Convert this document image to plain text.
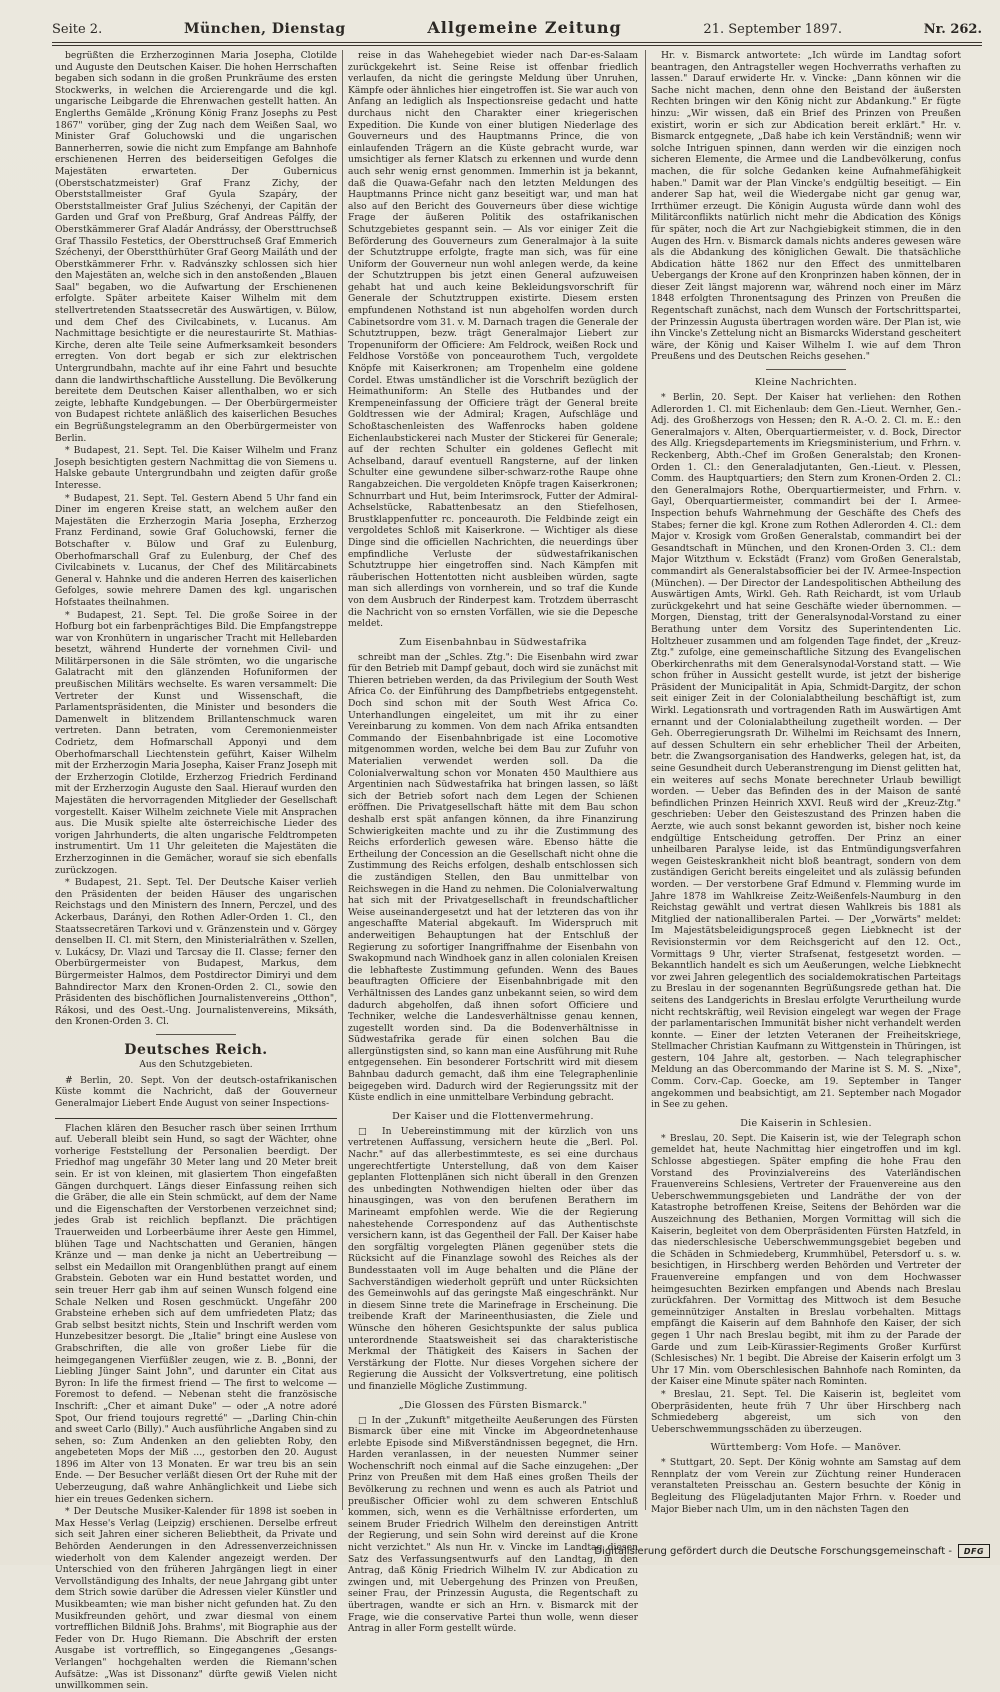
Seite 2.	München, Dienstag	Allgemeine Zeitung	21. September 1897.	Nr. 262.

begrüßten die Erzherzoginnen Maria Josepha, Clotilde und Auguste den Deutschen Kaiser. Die hohen Herrschaften begaben sich sodann in die großen Prunkräume des ersten Stockwerks, in welchen die Arcierengarde und die kgl. ungarische Leibgarde die Ehrenwachen gestellt hatten. An Englerths Gemälde „Krönung König Franz Josephs zu Pest 1867" vorüber, ging der Zug nach dem Weißen Saal, wo Minister Graf Goluchowski und die ungarischen Bannerherren, sowie die nicht zum Empfange am Bahnhofe erschienenen Herren des beiderseitigen Gefolges die Majestäten erwarteten. Der Gubernicus (Oberstschatzmeister) Graf Franz Zichy, der Oberststallmeister Graf Gyula Szapáry, der Oberststallmeister Graf Julius Széchenyi, der Capitän der Garden und Graf von Preßburg, Graf Andreas Pálffy, der Oberstkämmerer Graf Aladár Andrássy, der Obersttruchseß Graf Thassilo Festetics, der Obersttruchseß Graf Emmerich Széchenyi, der Oberstthürhüter Graf Georg Mailáth und der Oberstkämmerer Frhr. v. Radvánszky schlossen sich hier den Majestäten an, welche sich in den anstoßenden „Blauen Saal" begaben, wo die Aufwartung der Erschienenen erfolgte. Später arbeitete Kaiser Wilhelm mit dem stellvertretenden Staatssecretär des Auswärtigen, v. Bülow, und dem Chef des Civilcabinets, v. Lucanus. Am Nachmittage besichtigte er die neurestaurirte St. Mathias-Kirche, deren alte Teile seine Aufmerksamkeit besonders erregten. Von dort begab er sich zur elektrischen Untergrundbahn, machte auf ihr eine Fahrt und besuchte dann die landwirthschaftliche Ausstellung. Die Bevölkerung bereitete dem Deutschen Kaiser allenthalben, wo er sich zeigte, lebhafte Kundgebungen. — Der Oberbürgermeister von Budapest richtete anläßlich des kaiserlichen Besuches ein Begrüßungstelegramm an den Oberbürgermeister von Berlin.

* Budapest, 21. Sept. Tel. Die Kaiser Wilhelm und Franz Joseph besichtigten gestern Nachmittag die von Siemens u. Halske gebaute Untergrundbahn und zeigten dafür große Interesse.

* Budapest, 21. Sept. Tel. Gestern Abend 5 Uhr fand ein Diner im engeren Kreise statt, an welchem außer den Majestäten die Erzherzogin Maria Josepha, Erzherzog Franz Ferdinand, sowie Graf Goluchowski, ferner die Botschafter v. Bülow und Graf zu Eulenburg, Oberhofmarschall Graf zu Eulenburg, der Chef des Civilcabinets v. Lucanus, der Chef des Militärcabinets General v. Hahnke und die anderen Herren des kaiserlichen Gefolges, sowie mehrere Damen des kgl. ungarischen Hofstaates theilnahmen.

* Budapest, 21. Sept. Tel. Die große Soiree in der Hofburg bot ein farbenprächtiges Bild. Die Empfangstreppe war von Kronhütern in ungarischer Tracht mit Hellebarden besetzt, während Hunderte der vornehmen Civil- und Militärpersonen in die Säle strömten, wo die ungarische Galatracht mit den glänzenden Hofuniformen der preußischen Militärs wechselte. Es waren versammelt: Die Vertreter der Kunst und Wissenschaft, die Parlamentspräsidenten, die Minister und besonders die Damenwelt in blitzendem Brillantenschmuck waren vertreten. Dann betraten, vom Ceremonienmeister Codrietz, dem Hofmarschall Apponyi und dem Oberhofmarschall Liechtenstein geführt, Kaiser Wilhelm mit der Erzherzogin Maria Josepha, Kaiser Franz Joseph mit der Erzherzogin Clotilde, Erzherzog Friedrich Ferdinand mit der Erzherzogin Auguste den Saal. Hierauf wurden den Majestäten die hervorragenden Mitglieder der Gesellschaft vorgestellt. Kaiser Wilhelm zeichnete Viele mit Ansprachen aus. Die Musik spielte alte österreichische Lieder des vorigen Jahrhunderts, die alten ungarische Feldtrompeten instrumentirt. Um 11 Uhr geleiteten die Majestäten die Erzherzoginnen in die Gemächer, worauf sie sich ebenfalls zurückzogen.

* Budapest, 21. Sept. Tel. Der Deutsche Kaiser verlieh den Präsidenten der beiden Häuser des ungarischen Reichstags und den Ministern des Innern, Perczel, und des Ackerbaus, Darányi, den Rothen Adler-Orden 1. Cl., den Staatssecretären Tarkovi und v. Gränzenstein und v. Görgey denselben II. Cl. mit Stern, den Ministerialräthen v. Szellen, v. Lukácsy, Dr. Vlazi und Tarcsay die II. Classe; ferner den Oberbürgermeister von Budapest, Markus, dem Bürgermeister Halmos, dem Postdirector Dimiryi und dem Bahndirector Marx den Kronen-Orden 2. Cl., sowie den Präsidenten des bischöflichen Journalistenvereins „Otthon", Rákosi, und des Oest.-Ung. Journalistenvereins, Miksáth, den Kronen-Orden 3. Cl.

Deutsches Reich.
Aus den Schutzgebieten.

# Berlin, 20. Sept. Von der deutsch-ostafrikanischen Küste kommt die Nachricht, daß der Gouverneur Generalmajor Liebert Ende August von seiner Inspections-

Flachen klären den Besucher rasch über seinen Irrthum auf. Ueberall bleibt sein Hund, so sagt der Wächter, ohne vorherige Feststellung der Personalien beerdigt. Der Friedhof mag ungefähr 30 Meter lang und 20 Meter breit sein. Er ist von kleinen, mit glasiertem Thon eingefaßten Gängen durchquert. Längs dieser Einfassung reihen sich die Gräber, die alle ein Stein schmückt, auf dem der Name und die Eigenschaften der Verstorbenen verzeichnet sind; jedes Grab ist reichlich bepflanzt. Die prächtigen Trauerweiden und Lorbeerbäume ihrer Aeste gen Himmel, blühen Tage und Nachtschatten und Geranien, hängen Kränze und — man denke ja nicht an Uebertreibung — selbst ein Medaillon mit Orangenblüthen prangt auf einem Grabstein. Geboten war ein Hund bestattet worden, und sein treuer Herr gab ihm auf seinen Wunsch folgend eine Schale Nelken und Rosen geschmückt. Ungefähr 200 Grabsteine erheben sich auf dem umfriedeten Platz; das Grab selbst besitzt nichts, Stein und Inschrift werden vom Hunzebesitzer besorgt. Die „Italie" bringt eine Auslese von Grabschriften, die alle von großer Liebe für die heimgegangenen Vierfüßler zeugen, wie z. B. „Bonni, der Liebling Jünger Saint John", und darunter ein Citat aus Byron: In life the firmest friend — The first to welcome — Foremost to defend. — Nebenan steht die französische Inschrift: „Cher et aimant Duke" — oder „A notre adoré Spot, Our friend toujours regretté" — „Darling Chin-chin and sweet Carlo (Billy)." Auch ausführliche Angaben sind zu sehen, so: Zum Andenken an den geliebten Roby, den angebeteten Mops der Miß ..., gestorben den 20. August 1896 im Alter von 13 Monaten. Er war treu bis an sein Ende. — Der Besucher verläßt diesen Ort der Ruhe mit der Ueberzeugung, daß wahre Anhänglichkeit und Liebe sich hier ein treues Gedenken sichern.

* Der Deutsche Musiker-Kalender für 1898 ist soeben in Max Hesse's Verlag (Leipzig) erschienen. Derselbe erfreut sich seit Jahren einer sicheren Beliebtheit, da Private und Behörden Aenderungen in den Adressenverzeichnissen wiederholt von dem Kalender angezeigt werden. Der Unterschied von den früheren Jahrgängen liegt in einer Vervollständigung des Inhalts, der neue Jahrgang gibt unter dem Strich sowie darüber die Adressen vieler Künstler und Musikbeamten; wie man bisher nicht gefunden hat. Zu den Musikfreunden gehört, und zwar diesmal von einem vortrefflichen Bildniß Johs. Brahms', mit Biographie aus der Feder von Dr. Hugo Riemann. Die Abschrift der ersten Ausgabe ist vortrefflich, so Eingegangenes „Gesangs-Verlangen" hochgehalten werden die Riemann'schen Aufsätze: „Was ist Dissonanz" dürfte gewiß Vielen nicht unwillkommen sein.

reise in das Wahehegebiet wieder nach Dar-es-Salaam zurückgekehrt ist. Seine Reise ist offenbar friedlich verlaufen, da nicht die geringste Meldung über Unruhen, Kämpfe oder ähnliches hier eingetroffen ist. Sie war auch von Anfang an lediglich als Inspectionsreise gedacht und hatte durchaus nicht den Charakter einer kriegerischen Expedition. Die Kunde von einer blutigen Niederlage des Gouverneurs und des Hauptmanns Prince, die von einlaufenden Trägern an die Küste gebracht wurde, war umsichtiger als ferner Klatsch zu erkennen und wurde denn auch sehr wenig ernst genommen. Immerhin ist ja bekannt, daß die Quawa-Gefahr nach den letzten Meldungen des Hauptmanns Prince nicht ganz beseitigt war, und man hat also auf den Bericht des Gouverneurs über diese wichtige Frage der äußeren Politik des ostafrikanischen Schutzgebietes gespannt sein. — Als vor einiger Zeit die Beförderung des Gouverneurs zum Generalmajor à la suite der Schutztruppe erfolgte, fragte man sich, was für eine Uniform der Gouverneur nun wohl anlegen werde, da keine der Schutztruppen bis jetzt einen General aufzuweisen gehabt hat und auch keine Bekleidungsvorschrift für Generale der Schutztruppen existirte. Diesem ersten empfundenen Nothstand ist nun abgeholfen worden durch Cabinetsordre vom 31. v. M. Darnach tragen die Generale der Schutztruppen, bezw. trägt Generalmajor Liebert zur Tropenuniform der Officiere: Am Feldrock, weißen Rock und Feldhose Vorstöße von ponceaurothem Tuch, vergoldete Knöpfe mit Kaiserkronen; am Tropenhelm eine goldene Cordel. Etwas umständlicher ist die Vorschrift bezüglich der Heimathuniform: An Stelle des Hutbandes und der Krempeneinfassung der Officiere trägt der General breite Goldtressen wie der Admiral; Kragen, Aufschläge und Schoßtaschenleisten des Waffenrocks haben goldene Eichenlaubstickerei nach Muster der Stickerei für Generale; auf der rechten Schulter ein goldenes Geflecht mit Achselband, darauf eventuell Rangsterne, auf der linken Schulter eine gewundene silber-schwarz-rothe Raupe ohne Rangabzeichen. Die vergoldeten Knöpfe tragen Kaiserkronen; Schnurrbart und Hut, beim Interimsrock, Futter der Admiral-Achselstücke, Rabattenbesatz an den Stiefelhosen, Brustklappenfutter rc. ponceauroth. Die Feldbinde zeigt ein vergoldetes Schloß mit Kaiserkrone. — Wichtiger als diese Dinge sind die officiellen Nachrichten, die neuerdings über empfindliche Verluste der südwestafrikanischen Schutztruppe hier eingetroffen sind. Nach Kämpfen mit räuberischen Hottentotten nicht ausbleiben würden, sagte man sich allerdings von vornherein, und so traf die Kunde von dem Ausbruch der Rinderpest kam. Trotzdem überrascht die Nachricht von so ernsten Vorfällen, wie sie die Depesche meldet.

Zum Eisenbahnbau in Südwestafrika

schreibt man der „Schles. Ztg.": Die Eisenbahn wird zwar für den Betrieb mit Dampf gebaut, doch wird sie zunächst mit Thieren betrieben werden, da das Privilegium der South West Africa Co. der Einführung des Dampfbetriebs entgegensteht. Doch sind schon mit der South West Africa Co. Unterhandlungen eingeleitet, um mit ihr zu einer Vereinbarung zu kommen. Von dem nach Afrika entsandten Commando der Eisenbahnbrigade ist eine Locomotive mitgenommen worden, welche bei dem Bau zur Zufuhr von Materialien verwendet werden soll. Da die Colonialverwaltung schon vor Monaten 450 Maulthiere aus Argentinien nach Südwestafrika hat bringen lassen, so läßt sich der Betrieb sofort nach dem Legen der Schienen eröffnen. Die Privatgesellschaft hätte mit dem Bau schon deshalb erst spät anfangen können, da ihre Finanzirung Schwierigkeiten machte und zu ihr die Zustimmung des Reichs erforderlich gewesen wäre. Ebenso hätte die Ertheilung der Concession an die Gesellschaft nicht ohne die Zustimmung des Reichs erfolgen, deshalb entschlossen sich die zuständigen Stellen, den Bau unmittelbar von Reichswegen in die Hand zu nehmen. Die Colonialverwaltung hat sich mit der Privatgesellschaft in freundschaftlicher Weise auseinandergesetzt und hat der letzteren das von ihr angeschaffte Material abgekauft. Im Widerspruch mit anderweitigen Behauptungen hat der Entschluß der Regierung zu sofortiger Inangriffnahme der Eisenbahn von Swakopmund nach Windhoek ganz in allen colonialen Kreisen die lebhafteste Zustimmung gefunden. Wenn des Baues beauftragten Officiere der Eisenbahnbrigade mit den Verhältnissen des Landes ganz unbekannt seien, so wird dem dadurch abgeholfen, daß ihnen sofort Officiere und Techniker, welche die Landesverhältnisse genau kennen, zugestellt worden sind. Da die Bodenverhältnisse in Südwestafrika gerade für einen solchen Bau die allergünstigsten sind, so kann man eine Ausführung mit Ruhe entgegensehen. Ein besonderer Fortschritt wird mit diesem Bahnbau dadurch gemacht, daß ihm eine Telegraphenlinie beigegeben wird. Dadurch wird der Regierungssitz mit der Küste endlich in eine unmittelbare Verbindung gebracht.

Der Kaiser und die Flottenvermehrung.

□ In Uebereinstimmung mit der kürzlich von uns vertretenen Auffassung, versichern heute die „Berl. Pol. Nachr." auf das allerbestimmteste, es sei eine durchaus ungerechtfertigte Unterstellung, daß von dem Kaiser geplanten Flottenplänen sich nicht überall in den Grenzen des unbedingten Nothwendigen hielten oder über das hinausgingen, was von den berufenen Berathern im Marineamt empfohlen werde. Wie die der Regierung nahestehende Correspondenz auf das Authentischste versichern kann, ist das Gegentheil der Fall. Der Kaiser habe den sorgfältig vorgelegten Plänen gegenüber stets die Rücksicht auf die Finanzlage sowohl des Reiches als der Bundesstaaten voll im Auge behalten und die Pläne der Sachverständigen wiederholt geprüft und unter Rücksichten des Gemeinwohls auf das geringste Maß eingeschränkt. Nur in diesem Sinne trete die Marinefrage in Erscheinung. Die treibende Kraft der Marineenthusiasten, die Ziele und Wünsche den höheren Gesichtspunkte der salus publica unterordnende Staatsweisheit sei das charakteristische Merkmal der Thätigkeit des Kaisers in Sachen der Verstärkung der Flotte. Nur dieses Vorgehen sichere der Regierung die Aussicht der Volksvertretung, eine politisch und finanzielle Mögliche Zustimmung.

„Die Glossen des Fürsten Bismarck."

□ In der „Zukunft" mitgetheilte Aeußerungen des Fürsten Bismarck über eine mit Vincke im Abgeordnetenhause erlebte Episode sind Mißverständnissen begegnet, die Hrn. Harden veranlassen, in der neuesten Nummer seiner Wochenschrift noch einmal auf die Sache einzugehen: „Der Prinz von Preußen mit dem Haß eines großen Theils der Bevölkerung zu rechnen und wenn es auch als Patriot und preußischer Officier wohl zu dem schweren Entschluß kommen, sich, wenn es die Verhältnisse erforderten, um seinem Bruder Friedrich Wilhelm den dereinstigen Antritt der Regierung, und sein Sohn wird dereinst auf die Krone nicht verzichtet." Als nun Hr. v. Vincke im Landtag diesen Satz des Verfassungsentwurfs auf den Landtag, in den Antrag, daß König Friedrich Wilhelm IV. zur Abdication zu zwingen und, mit Uebergehung des Prinzen von Preußen, seiner Frau, der Prinzessin Augusta, die Regentschaft zu übertragen, wandte er sich an Hrn. v. Bismarck mit der Frage, wie die conservative Partei thun wolle, wenn dieser Antrag in aller Form gestellt würde.

Hr. v. Bismarck antwortete: „Ich würde im Landtag sofort beantragen, den Antragsteller wegen Hochverraths verhaften zu lassen." Darauf erwiderte Hr. v. Vincke: „Dann können wir die Sache nicht machen, denn ohne den Beistand der äußersten Rechten bringen wir den König nicht zur Abdankung." Er fügte hinzu: „Wir wissen, daß ein Brief des Prinzen von Preußen existirt, worin er sich zur Abdication bereit erklärt." Hr. v. Bismarck entgegnete, „Daß habe ich kein Verständniß; wenn wir solche Intriguen spinnen, dann werden wir die einzigen noch sicheren Elemente, die Armee und die Landbevölkerung, confus machen, die für solche Gedanken keine Aufnahmefähigkeit haben." Damit war der Plan Vincke's endgültig beseitigt. — Ein anderer Sap hat, weil die Wiedergabe nicht gar genug war, Irrthümer erzeugt. Die Königin Augusta würde dann wohl des Militärconflikts natürlich nicht mehr die Abdication des Königs für später, noch die Art zur Nachgiebigkeit stimmen, die in den Augen des Hrn. v. Bismarck damals nichts anderes gewesen wäre als die Abdankung des königlichen Gewalt. Die thatsächliche Abdication hätte 1862 nur den Effect des unmittelbaren Uebergangs der Krone auf den Kronprinzen haben können, der in dieser Zeit längst majorenn war, während noch einer im März 1848 erfolgten Thronentsagung des Prinzen von Preußen die Regentschaft zunächst, nach dem Wunsch der Fortschrittspartei, der Prinzessin Augusta übertragen worden wäre. Der Plan ist, wie ihn Vincke's Zettelung nicht an Bismarcks Widerstand gescheitert wäre, der König und Kaiser Wilhelm I. wie auf dem Thron Preußens und des Deutschen Reichs gesehen."

Kleine Nachrichten.

* Berlin, 20. Sept. Der Kaiser hat verliehen: den Rothen Adlerorden 1. Cl. mit Eichenlaub: dem Gen.-Lieut. Wernher, Gen.-Adj. des Großherzogs von Hessen; den R. A.-O. 2. Cl. m. E.: den Generalmajors v. Alten, Oberquartiermeister, v. d. Bock, Director des Allg. Kriegsdepartements im Kriegsministerium, und Frhrn. v. Reckenberg, Abth.-Chef im Großen Generalstab; den Kronen-Orden 1. Cl.: den Generaladjutanten, Gen.-Lieut. v. Plessen, Comm. des Hauptquartiers; den Stern zum Kronen-Orden 2. Cl.: den Generalmajors Rothe, Oberquartiermeister, und Frhrn. v. Gayl, Oberquartiermeister, commandirt bei der I. Armee-Inspection behufs Wahrnehmung der Geschäfte des Chefs des Stabes; ferner die kgl. Krone zum Rothen Adlerorden 4. Cl.: dem Major v. Krosigk vom Großen Generalstab, commandirt bei der Gesandtschaft in München, und den Kronen-Orden 3. Cl.: dem Major Witzthum v. Eckstädt (Franz) vom Großen Generalstab, commandirt als Generalstabsofficier bei der IV. Armee-Inspection (München). — Der Director der Landespolitischen Abtheilung des Auswärtigen Amts, Wirkl. Geh. Rath Reichardt, ist vom Urlaub zurückgekehrt und hat seine Geschäfte wieder übernommen. — Morgen, Dienstag, tritt der Generalsynodal-Vorstand zu einer Berathung unter dem Vorsitz des Superintendenten Lic. Holtzheuer zusammen und am folgenden Tage findet, der „Kreuz-Ztg." zufolge, eine gemeinschaftliche Sitzung des Evangelischen Oberkirchenraths mit dem Generalsynodal-Vorstand statt. — Wie schon früher in Aussicht gestellt wurde, ist jetzt der bisherige Präsident der Municipalität in Apia, Schmidt-Dargitz, der schon seit einiger Zeit in der Colonialabtheilung beschäftigt ist, zum Wirkl. Legationsrath und vortragenden Rath im Auswärtigen Amt ernannt und der Colonialabtheilung zugetheilt worden. — Der Geh. Oberregierungsrath Dr. Wilhelmi im Reichsamt des Innern, auf dessen Schultern ein sehr erheblicher Theil der Arbeiten, betr. die Zwangsorganisation des Handwerks, gelegen hat, ist, da seine Gesundheit durch Ueberanstrengung im Dienst gelitten hat, ein weiteres auf sechs Monate berechneter Urlaub bewilligt worden. — Ueber das Befinden des in der Maison de santé befindlichen Prinzen Heinrich XXVI. Reuß wird der „Kreuz-Ztg." geschrieben: Ueber den Geisteszustand des Prinzen haben die Aerzte, wie auch sonst bekannt geworden ist, bisher noch keine endgültige Entscheidung getroffen. Der Prinz an einer unheilbaren Paralyse leide, ist das Entmündigungsverfahren wegen Geisteskrankheit nicht bloß beantragt, sondern von dem zuständigen Gericht bereits eingeleitet und als zulässig befunden worden. — Der verstorbene Graf Edmund v. Flemming wurde im Jahre 1878 im Wahlkreise Zeitz-Weißenfels-Naumburg in den Reichstag gewählt und vertrat diesen Wahlkreis bis 1881 als Mitglied der nationalliberalen Partei. — Der „Vorwärts" meldet: Im Majestätsbeleidigungsproceß gegen Liebknecht ist der Revisionstermin vor dem Reichsgericht auf den 12. Oct., Vormittags 9 Uhr, vierter Strafsenat, festgesetzt worden. — Bekanntlich handelt es sich um Aeußerungen, welche Liebknecht vor zwei Jahren gelegentlich des socialdemokratischen Parteitags zu Breslau in der sogenannten Begrüßungsrede gethan hat. Die seitens des Landgerichts in Breslau erfolgte Verurtheilung wurde nicht rechtskräftig, weil Revision eingelegt war wegen der Frage der parlamentarischen Immunität bisher nicht verhandelt werden konnte. — Einer der letzten Veteranen der Freiheitskriege, Stellmacher Christian Kaufmann zu Wittgenstein in Thüringen, ist gestern, 104 Jahre alt, gestorben. — Nach telegraphischer Meldung an das Obercommando der Marine ist S. M. S. „Nixe", Comm. Corv.-Cap. Goecke, am 19. September in Tanger angekommen und beabsichtigt, am 21. September nach Mogador in See zu gehen.

Die Kaiserin in Schlesien.

* Breslau, 20. Sept. Die Kaiserin ist, wie der Telegraph schon gemeldet hat, heute Nachmittag hier eingetroffen und im kgl. Schlosse abgestiegen. Später empfing die hohe Frau den Vorstand des Provinzialvereins des Vaterländischen Frauenvereins Schlesiens, Vertreter der Frauenvereine aus den Ueberschwemmungsgebieten und Landräthe der von der Katastrophe betroffenen Kreise, Seitens der Behörden war die Auszeichnung des Bethanien, Morgen Vormittag will sich die Kaiserin, begleitet von dem Oberpräsidenten Fürsten Hatzfeld, in das niederschlesische Ueberschwemmungsgebiet begeben und die Schäden in Schmiedeberg, Krummhübel, Petersdorf u. s. w. besichtigen, in Hirschberg werden Behörden und Vertreter der Frauenvereine empfangen und von dem Hochwasser heimgesuchten Bezirken empfangen und Abends nach Breslau zurückfahren. Der Vormittag des Mittwoch ist dem Besuche gemeinnütziger Anstalten in Breslau vorbehalten. Mittags empfängt die Kaiserin auf dem Bahnhofe den Kaiser, der sich gegen 1 Uhr nach Breslau begibt, mit ihm zu der Parade der Garde und zum Leib-Kürassier-Regiments Großer Kurfürst (Schlesisches) Nr. 1 begibt. Die Abreise der Kaiserin erfolgt um 3 Uhr 17 Min. vom Oberschlesischen Bahnhofe nach Rominten, da der Kaiser eine Minute später nach Rominten.

* Breslau, 21. Sept. Tel. Die Kaiserin ist, begleitet vom Oberpräsidenten, heute früh 7 Uhr über Hirschberg nach Schmiedeberg abgereist, um sich von den Ueberschwemmungsschäden zu überzeugen.

Württemberg: Vom Hofe. — Manöver.

* Stuttgart, 20. Sept. Der König wohnte am Samstag auf dem Rennplatz der vom Verein zur Züchtung reiner Hunderacen veranstalteten Preisschau an. Gestern besuchte der König in Begleitung des Flügeladjutanten Major Frhrn. v. Roeder und Major Bieber nach Ulm, um in den nächsten Tagen den

Digitalisierung gefördert durch die Deutsche Forschungsgemeinschaft -	DFG
